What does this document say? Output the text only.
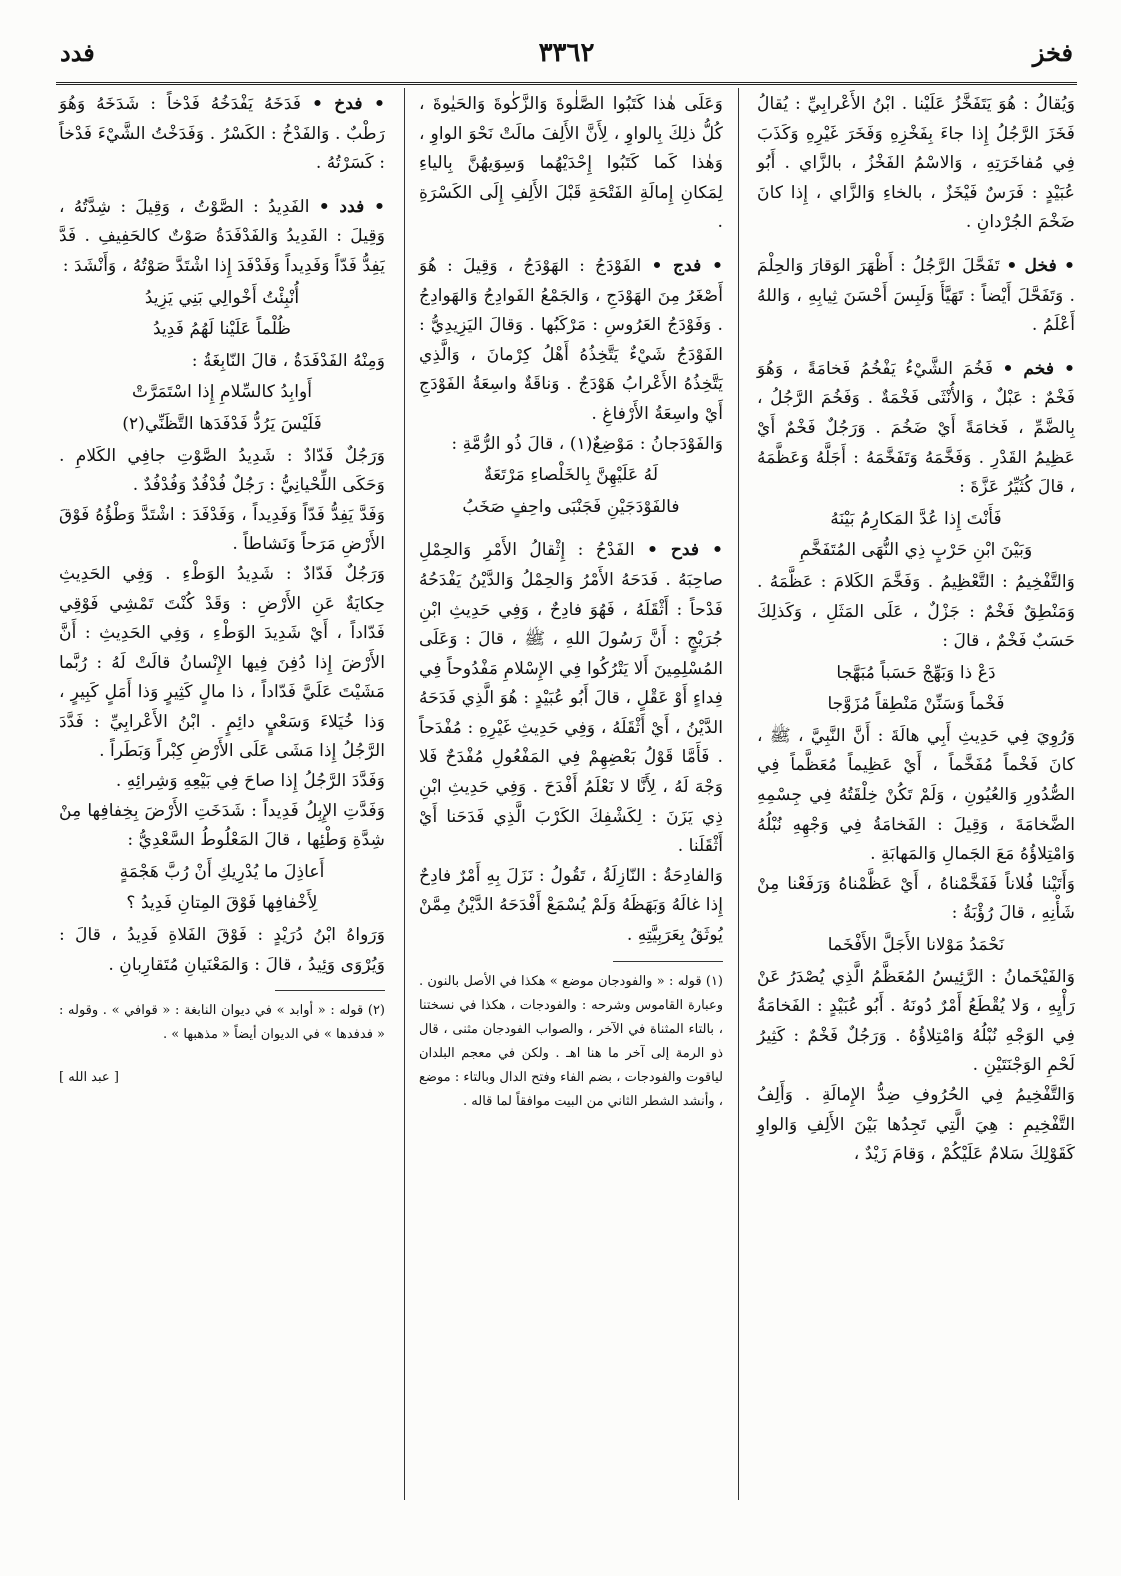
فخز
٣٣٦٢
فدد

وَيُقالُ : هُوَ يَتَفَخَّزُ عَلَيْنا . ابْنُ الأَعْرابِيِّ : يُقالُ فَخَزَ الرَّجُلُ إِذا جاءَ بِفَخْزِهِ وَفَخَرَ غَيْرِهِ وَكَذَبَ فِي مُفاخَرَتِهِ ، وَالاسْمُ الفَخْزُ ، بالزَّاي . أَبُو عُبَيْدٍ : فَرَسٌ فَيْخَزٌ ، بالخاءِ وَالزَّاي ، إِذا كانَ ضَخْمَ الجُرْدانِ .

• فخل • تَفَحَّلَ الرَّجُلُ : أَظْهَرَ الوَقارَ وَالحِلْمَ . وَتَفَحَّلَ أَيْضاً : تَهَيَّأَ وَلَبِسَ أَحْسَنَ ثِيابِهِ ، وَاللهُ أَعْلَمُ .

• فخم • فَخُمَ الشَّيْءُ يَفْخُمُ فَخامَةً ، وَهُوَ فَخْمٌ : عَبْلٌ ، وَالأُنْثَى فَخْمَةٌ . وَفَخُمَ الرَّجُلُ ، بِالضَّمِّ ، فَخامَةً أَيْ ضَخُمَ . وَرَجُلٌ فَخْمٌ أَيْ عَظِيمُ القَدْرِ . وَفَخَّمَهُ وَتَفَخَّمَهُ : أَجَلَّهُ وَعَظَّمَهُ ، قالَ كُثَيِّرُ عَزَّةَ :

فَأَنْتَ إِذا عُدَّ المَكارِمُ بَيْنَهُ
وَبَيْنَ ابْنِ حَرْبٍ ذِي النُّهَى المُتَفَخَّمِ

وَالتَّفْخِيمُ : التَّعْظِيمُ . وَفَخَّمَ الكَلامَ : عَظَّمَهُ . وَمَنْطِقٌ فَخْمٌ : جَزْلٌ ، عَلَى المَثَلِ ، وَكَذلِكَ حَسَبٌ فَخْمٌ ، قالَ :

دَعْ ذا وَبَهِّجْ حَسَباً مُبَهَّجا
فَخْماً وَسَنِّنْ مَنْطِقاً مُزَوَّجا

وَرُوِيَ فِي حَدِيثِ أَبِي هالَةَ : أَنَّ النَّبِيَّ ، ﷺ ، كانَ فَخْماً مُفَخَّماً ، أَيْ عَظِيماً مُعَظَّماً فِي الصُّدُورِ وَالعُيُونِ ، وَلَمْ تَكُنْ خِلْقَتُهُ فِي جِسْمِهِ الضَّخامَةَ ، وَقِيلَ : الفَخامَةُ فِي وَجْهِهِ نُبْلُهُ وَامْتِلاؤُهُ مَعَ الجَمالِ وَالمَهابَةِ .

وَأَتَيْنا فُلاناً فَفَخَّمْناهُ ، أَيْ عَظَّمْناهُ وَرَفَعْنا مِنْ شَأْنِهِ ، قالَ رُؤْبَةُ :

نَحْمَدُ مَوْلانا الأَجَلَّ الأَفْخَما

وَالفَيْخَمانُ : الرَّئِيسُ المُعَظَّمُ الَّذِي يُصْدَرُ عَنْ رَأْيِهِ ، وَلا يُقْطَعُ أَمْرٌ دُونَهُ . أَبُو عُبَيْدٍ : الفَخامَةُ فِي الوَجْهِ نُبْلُهُ وَامْتِلاؤُهُ . وَرَجُلٌ فَخْمٌ : كَثِيرُ لَحْمِ الوَجْنَتَيْنِ .

وَالتَّفْخِيمُ فِي الحُرُوفِ ضِدُّ الإِمالَةِ . وَأَلِفُ التَّفْخِيمِ : هِيَ الَّتِي تَجِدُها بَيْنَ الأَلِفِ وَالواوِ كَقَوْلِكَ سَلامٌ عَلَيْكُمْ ، وَقامَ زَيْدٌ ،

وَعَلَى هٰذا كَتَبُوا الصَّلٰوةَ وَالزَّكٰوةَ وَالحَيٰوةَ ، كُلُّ ذلِكَ بِالواوِ ، لِأَنَّ الأَلِفَ مالَتْ نَحْوَ الواوِ ، وَهٰذا كَما كَتَبُوا إِحْدَيْهُما وَسِوَيهُنَّ بِالياءِ لِمَكانِ إِمالَةِ الفَتْحَةِ قَبْلَ الأَلِفِ إِلَى الكَسْرَةِ .

• فدج • الفَوْدَجُ : الهَوْدَجُ ، وَقِيلَ : هُوَ أَصْغَرُ مِنَ الهَوْدَجِ ، وَالجَمْعُ الفَوادِجُ وَالهَوادِجُ . وَفَوْدَجُ العَرُوسِ : مَرْكَبُها . وَقالَ اليَزِيدِيُّ : الفَوْدَجُ شَيْءٌ يَتَّخِذُهُ أَهْلُ كِرْمانَ ، وَالَّذِي يَتَّخِذُهُ الأَعْرابُ هَوْدَجٌ . وَناقَةٌ واسِعَةُ الفَوْدَجِ أَيْ واسِعَةُ الأَرْفاغِ .

وَالفَوْدَجانُ : مَوْضِعٌ(١) ، قالَ ذُو الرُّمَّةِ :

لَهُ عَلَيْهِنَّ بِالخَلْصاءِ مَرْتَعَةٌ
فالفَوْدَجَيْنِ فَجَنْبَى واحِفٍ صَخَبُ

• فدح • الفَدْحُ : إِثْقالُ الأَمْرِ وَالحِمْلِ صاحِبَهُ . فَدَحَهُ الأَمْرُ وَالحِمْلُ وَالدَّيْنُ يَفْدَحُهُ فَدْحاً : أَثْقَلَهُ ، فَهُوَ فادِحٌ ، وَفِي حَدِيثِ ابْنِ جُرَيْجٍ : أَنَّ رَسُولَ اللهِ ، ﷺ ، قالَ : وَعَلَى المُسْلِمِينَ أَلا يَتْرُكُوا فِي الإِسْلامِ مَفْدُوحاً فِي فِداءٍ أَوْ عَقْلٍ ، قالَ أَبُو عُبَيْدٍ : هُوَ الَّذِي فَدَحَهُ الدَّيْنُ ، أَيْ أَثْقَلَهُ ، وَفِي حَدِيثِ غَيْرِهِ : مُفْدَحاً . فَأَمَّا قَوْلُ بَعْضِهِمْ فِي المَفْعُولِ مُفْدَحٌ فَلا وَجْهَ لَهُ ، لِأَنَّا لا نَعْلَمُ أَفْدَحَ . وَفِي حَدِيثِ ابْنِ ذِي يَزَنَ : لِكَشْفِكَ الكَرْبَ الَّذِي فَدَحَنا أَيْ أَثْقَلَنا .

وَالفادِحَةُ : النّازِلَةُ ، تَقُولُ : نَزَلَ بِهِ أَمْرٌ فادِحٌ إِذا غالَهُ وَبَهَظَهُ وَلَمْ يُسْمَعْ أَفْدَحَهُ الدَّيْنُ مِمَّنْ يُوثَقُ بِعَرَبِيَّتِهِ .

(١) قوله : « والفودجان موضع » هكذا في الأصل بالنون . وعبارة القاموس وشرحه : والفودجات ، هكذا في نسختنا ، بالتاء المثناة في الآخر ، والصواب الفودجان مثنى ، قال ذو الرمة إلى آخر ما هنا اهـ . ولكن في معجم البلدان لياقوت والفودجات ، بضم الفاء وفتح الدال وبالتاء : موضع ، وأنشد الشطر الثاني من البيت موافقاً لما قاله .

• فدخ • فَدَخَهُ يَفْدَخُهُ فَدْخاً : شَدَخَهُ وَهُوَ رَطْبٌ . وَالفَدْخُ : الكَسْرُ . وَفَدَخْتُ الشَّيْءَ فَدْخاً : كَسَرْتُهُ .

• فدد • الفَدِيدُ : الصَّوْتُ ، وَقِيلَ : شِدَّتُهُ ، وَقِيلَ : الفَدِيدُ وَالفَدْفَدَةُ صَوْتٌ كالحَفِيفِ . فَدَّ يَفِدُّ فَدّاً وَفَدِيداً وَفَدْفَدَ إِذا اشْتَدَّ صَوْتُهُ ، وَأَنْشَدَ :

أُنْبِئْتُ أَخْوالِي بَنِي يَزِيدُ
ظُلْماً عَلَيْنا لَهُمُ فَدِيدُ

وَمِنْهُ الفَدْفَدَةُ ، قالَ النّابِغَةُ :

أَوابِدُ كالسِّلامِ إِذا اسْتَمَرَّتْ
فَلَيْسَ يَرُدُّ فَدْفَدَها التَّظَنِّي(٢)

وَرَجُلٌ فَدّادٌ : شَدِيدُ الصَّوْتِ جافِي الكَلامِ . وَحَكَى اللِّحْيانِيُّ : رَجُلٌ فُدْفُدٌ وَفُدْفُدٌ .

وَفَدَّ يَفِدُّ فَدّاً وَفَدِيداً ، وَفَدْفَدَ : اشْتَدَّ وَطْؤُهُ فَوْقَ الأَرْضِ مَرَحاً وَنَشاطاً .

وَرَجُلٌ فَدّادٌ : شَدِيدُ الوَطْءِ . وَفِي الحَدِيثِ حِكايَةٌ عَنِ الأَرْضِ : وَقَدْ كُنْتَ تَمْشِي فَوْقِي فَدّاداً ، أَيْ شَدِيدَ الوَطْءِ ، وَفِي الحَدِيثِ : أَنَّ الأَرْضَ إِذا دُفِنَ فِيها الإِنْسانُ قالَتْ لَهُ : رُبَّما مَشَيْتَ عَلَيَّ فَدّاداً ، ذا مالٍ كَثِيرٍ وَذا أَمَلٍ كَبِيرٍ ، وَذا خُيَلاءَ وَسَعْيٍ دائِمٍ . ابْنُ الأَعْرابِيِّ : فَدَّدَ الرَّجُلُ إِذا مَشَى عَلَى الأَرْضِ كِبْراً وَبَطَراً .

وَفَدَّدَ الرَّجُلُ إِذا صاحَ فِي بَيْعِهِ وَشِرائِهِ .

وَفَدَّتِ الإِبِلُ فَدِيداً : شَدَخَتِ الأَرْضَ بِخِفافِها مِنْ شِدَّةِ وَطْئِها ، قالَ المَعْلُوطُ السَّعْدِيُّ :

أَعاذِلَ ما يُدْرِيكِ أَنْ رُبَّ هَجْمَةٍ
لِأَخْفافِها فَوْقَ المِتانِ فَدِيدُ ؟

وَرَواهُ ابْنُ دُرَيْدٍ : فَوْقَ الفَلاةِ فَدِيدُ ، قالَ : وَيُرْوَى وَئِيدُ ، قالَ : وَالمَعْنَيانِ مُتَقارِبانِ .

(٢) قوله : « أوابد » في ديوان النابغة : « قوافي » . وقوله : « فدفدها » في الديوان أيضاً « مذهبها » .

[ عبد الله ]
